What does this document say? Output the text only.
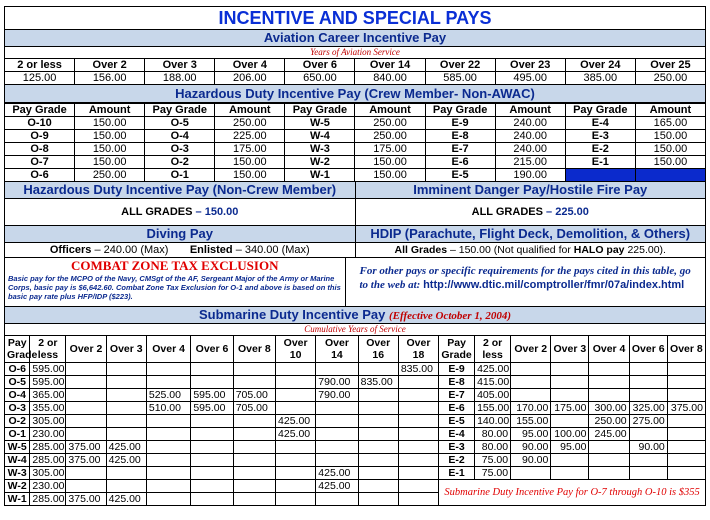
INCENTIVE AND SPECIAL PAYS
Aviation Career Incentive Pay
Years of Aviation Service
2 or less	Over 2	Over 3	Over 4	Over 6	Over 14	Over 22	Over 23	Over 24	Over 25
125.00	156.00	188.00	206.00	650.00	840.00	585.00	495.00	385.00	250.00
Hazardous Duty Incentive Pay (Crew Member- Non-AWAC)
Pay Grade	Amount	Pay Grade	Amount	Pay Grade	Amount	Pay Grade	Amount	Pay Grade	Amount
O-10	150.00	O-5	250.00	W-5	250.00	E-9	240.00	E-4	165.00
O-9	150.00	O-4	225.00	W-4	250.00	E-8	240.00	E-3	150.00
O-8	150.00	O-3	175.00	W-3	175.00	E-7	240.00	E-2	150.00
O-7	150.00	O-2	150.00	W-2	150.00	E-6	215.00	E-1	150.00
O-6	250.00	O-1	150.00	W-1	150.00	E-5	190.00		
Hazardous Duty Incentive Pay (Non-Crew Member)
ALL GRADES – 150.00
Imminent Danger Pay/Hostile Fire Pay
ALL GRADES – 225.00
Diving Pay
Officers – 240.00 (Max) Enlisted – 340.00 (Max)
HDIP (Parachute, Flight Deck, Demolition, & Others)
All Grades – 150.00 (Not qualified for HALO pay 225.00).
COMBAT ZONE TAX EXCLUSION
Basic pay for the MCPO of the Navy, CMSgt of the AF, Sergeant Major of the Army or Marine Corps, basic pay is $6,642.60. Combat Zone Tax Exclusion for O-1 and above is based on this basic pay rate plus HFP/IDP ($223).
For other pays or specific requirements for the pays cited in this table, go to the web at: http://www.dtic.mil/comptroller/fmr/07a/index.html
Submarine Duty Incentive Pay (Effective October 1, 2004)
Cumulative Years of Service
Pay Grade	2 or less	Over 2	Over 3	Over 4	Over 6	Over 8	Over 10	Over 14	Over 16	Over 18	Pay Grade	2 or less	Over 2	Over 3	Over 4	Over 6	Over 8
O-6	595.00									835.00	E-9	425.00					
O-5	595.00							790.00	835.00		E-8	415.00					
O-4	365.00			525.00	595.00	705.00		790.00			E-7	405.00					
O-3	355.00			510.00	595.00	705.00					E-6	155.00	170.00	175.00	300.00	325.00	375.00
O-2	305.00						425.00				E-5	140.00	155.00		250.00	275.00	
O-1	230.00						425.00				E-4	80.00	95.00	100.00	245.00		
W-5	285.00	375.00	425.00								E-3	80.00	90.00	95.00		90.00	
W-4	285.00	375.00	425.00								E-2	75.00	90.00				
W-3	305.00							425.00			E-1	75.00					
W-2	230.00							425.00			Submarine Duty Incentive Pay for O-7 through O-10 is $355						
W-1	285.00	375.00	425.00														
